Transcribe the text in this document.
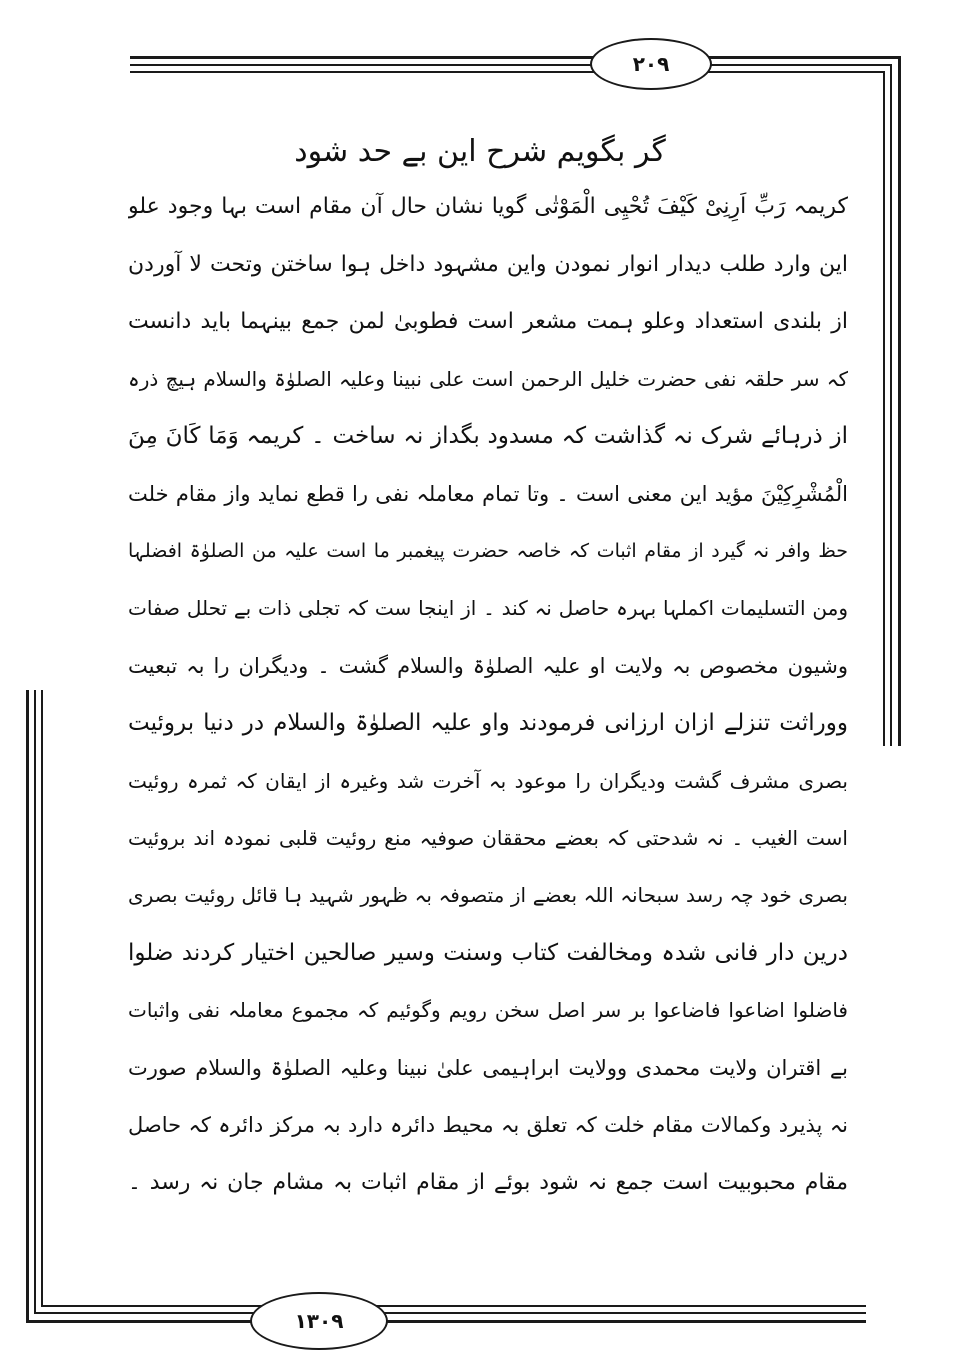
۲۰۹
۱۳۰۹
گر بگویم شرح این بے حد شود
کریمہ رَبِّ اَرِنِیْ کَیْفَ تُحْیِی الْمَوْتٰی گویا نشان حال آن مقام است بہا وجود علو
این وارد طلب دیدار انوار نمودن واین مشہود داخل ہوا ساختن وتحت لا آوردن
از بلندی استعداد وعلو ہمت مشعر است فطوبیٰ لمن جمع بینہما باید دانست
کہ سر حلقہ نفی حضرت خلیل الرحمن است علی نبینا وعلیہ الصلوٰۃ والسلام ہیچ ذرہ
از ذرہائے شرک نہ گذاشت کہ مسدود بگداز نہ ساخت ۔ کریمہ وَمَا کَانَ مِنَ
الْمُشْرِکِیْنَ مؤید این معنی است ۔ وتا تمام معاملہ نفی را قطع نماید واز مقام خلت
حظ وافر نہ گیرد از مقام اثبات کہ خاصہ حضرت پیغمبر ما است علیہ من الصلوٰۃ افضلہا
ومن التسلیمات اکملہا بہرہ حاصل نہ کند ۔ از اینجا ست کہ تجلی ذات بے تحلل صفات
وشیون مخصوص بہ ولایت او علیہ الصلوٰۃ والسلام گشت ۔ ودیگران را بہ تبعیت
ووراثت تنزلے ازان ارزانی فرمودند واو علیہ الصلوٰۃ والسلام در دنیا بروئیت
بصری مشرف گشت ودیگران را موعود بہ آخرت شد وغیرہ از ایقان کہ ثمرہ روئیت
است الغیب ۔ نہ شدحتی کہ بعضے محققان صوفیہ منع روئیت قلبی نمودہ اند بروئیت
بصری خود چہ رسد سبحانہ اللہ بعضے از متصوفہ بہ ظہور شہید ہا قائل روئیت بصری
درین دار فانی شدہ ومخالفت کتاب وسنت وسیر صالحین اختیار کردند ضلوا
فاضلوا اضاعوا فاضاعوا بر سر اصل سخن رویم وگوئیم کہ مجموع معاملہ نفی واثبات
بے اقتران ولایت محمدی وولایت ابراہیمی علیٰ نبینا وعلیہ الصلوٰۃ والسلام صورت
نہ پذیرد وکمالات مقام خلت کہ تعلق بہ محیط دائرہ دارد بہ مرکز دائرہ کہ حاصل
مقام محبوبیت است جمع نہ شود بوئے از مقام اثبات بہ مشام جان نہ رسد ۔
